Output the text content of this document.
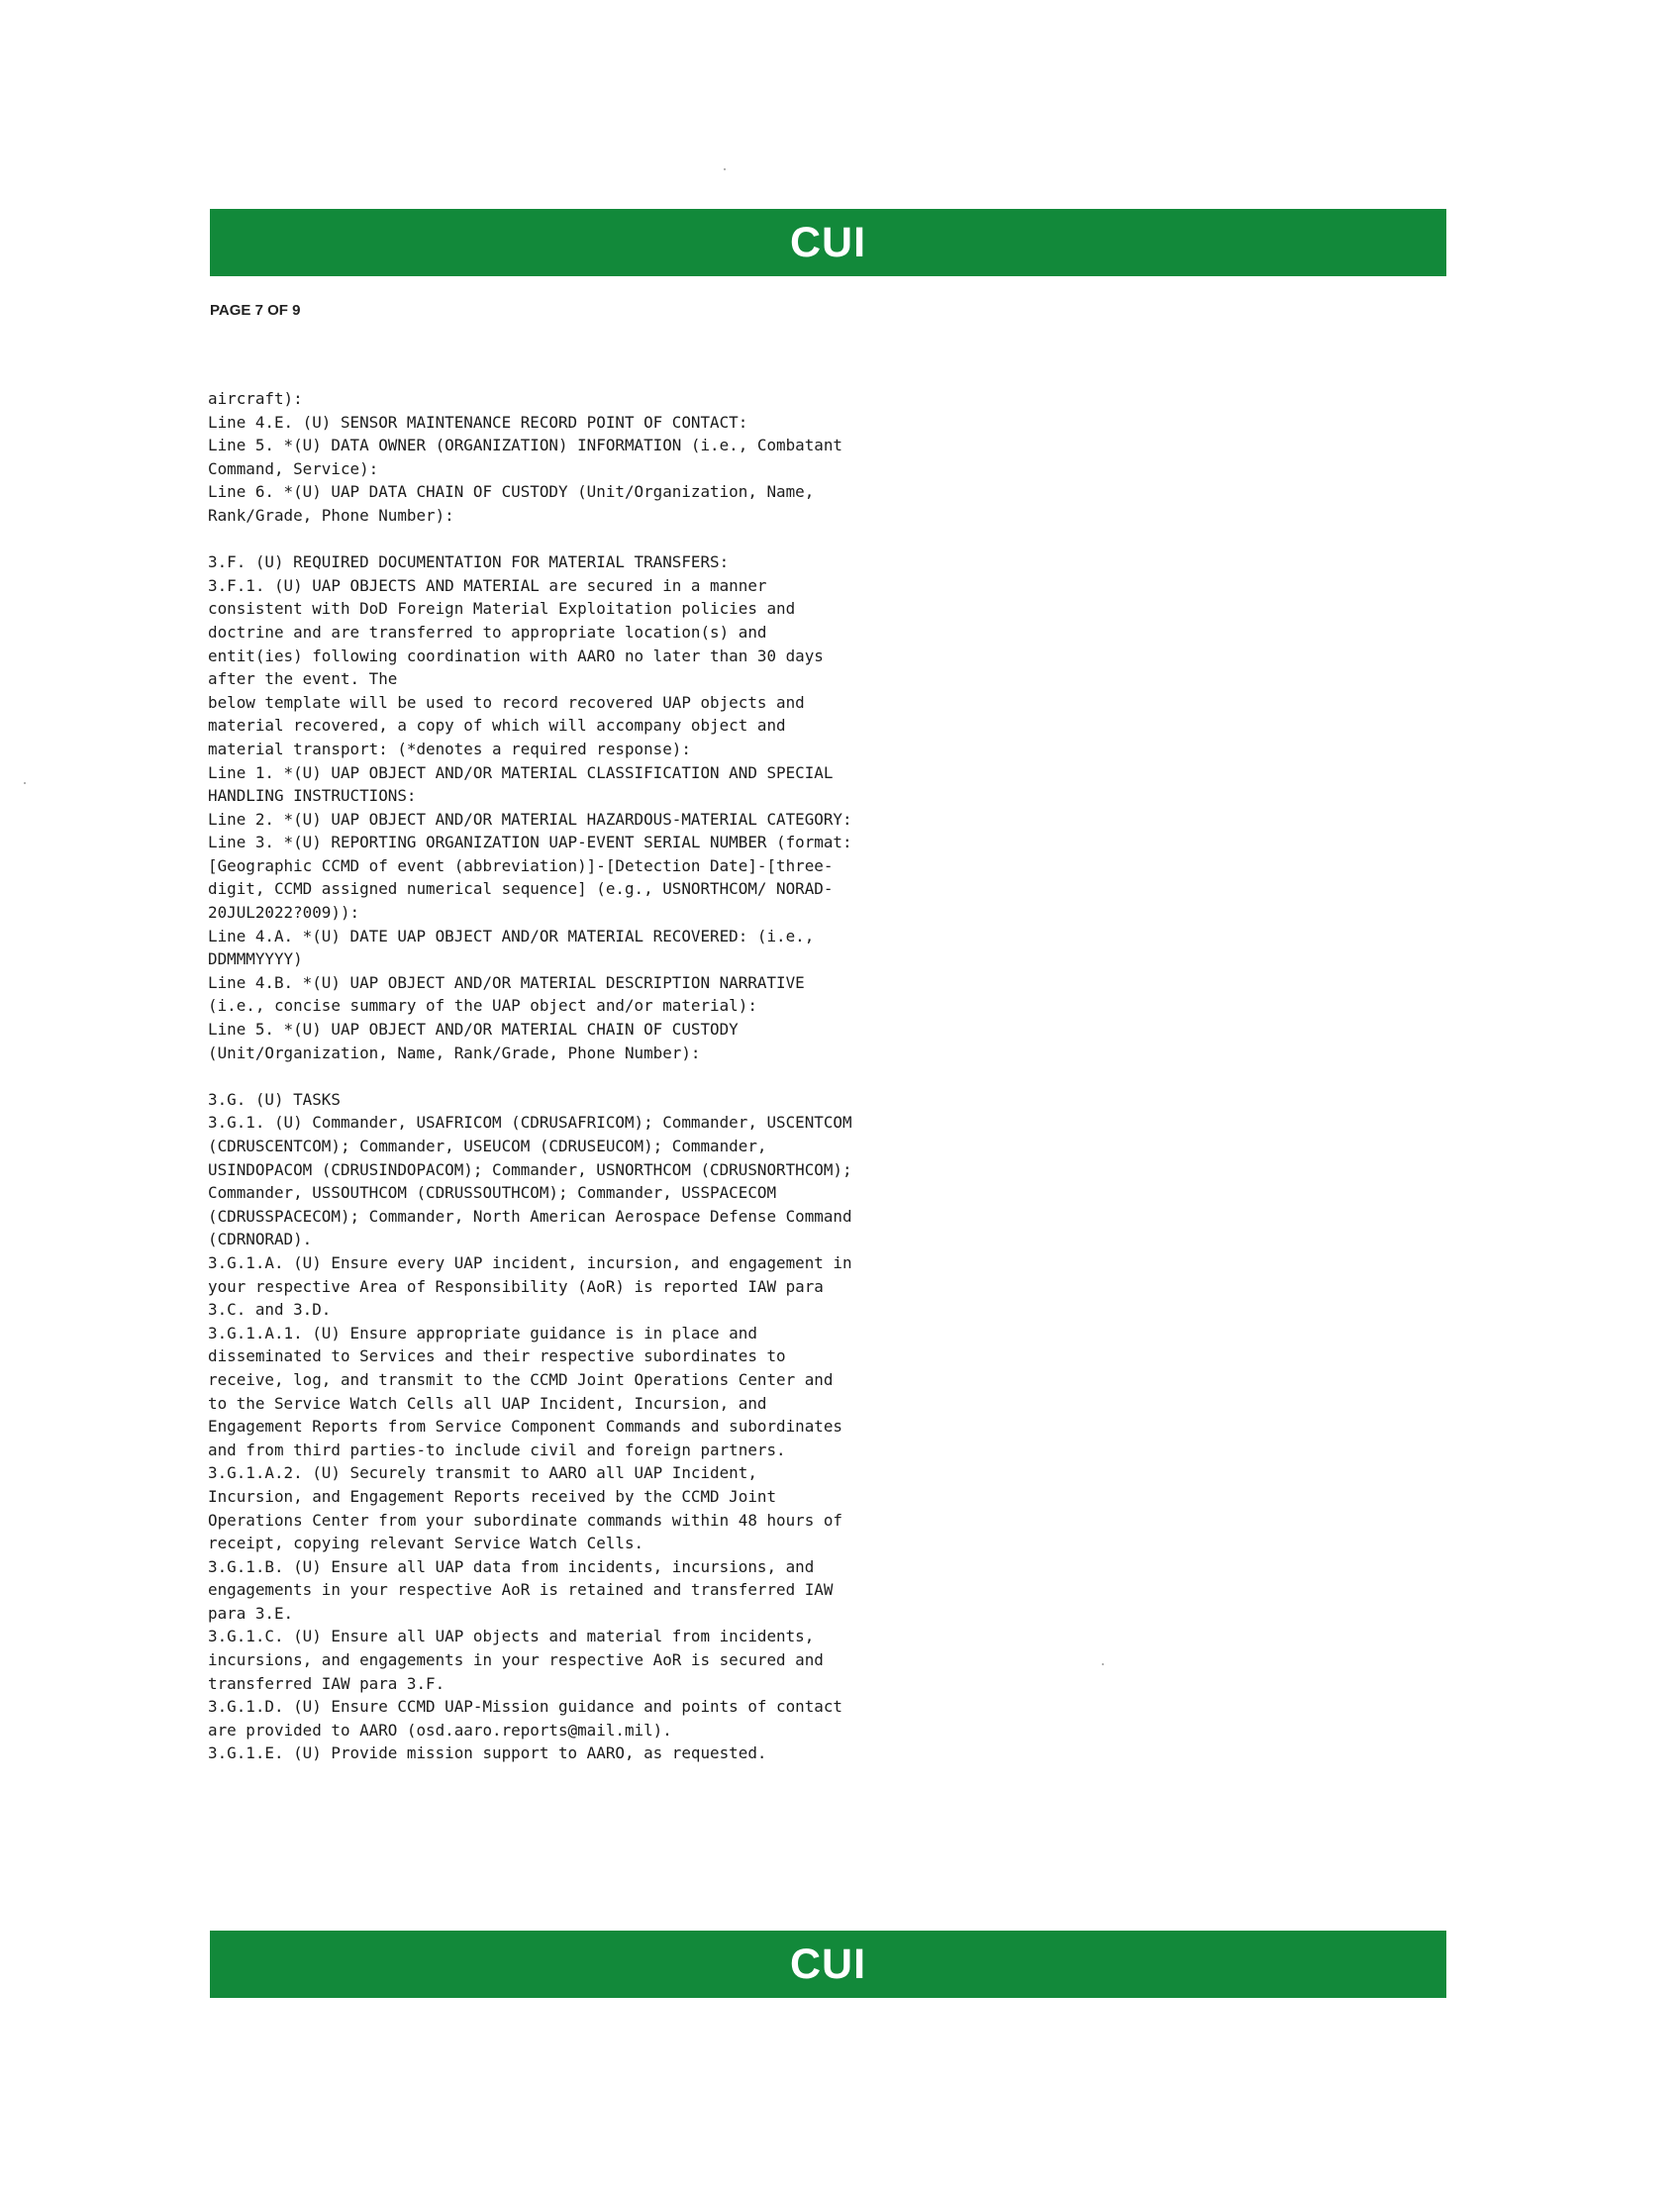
CUI
PAGE 7 OF 9
aircraft):
Line 4.E. (U) SENSOR MAINTENANCE RECORD POINT OF CONTACT:
Line 5. *(U) DATA OWNER (ORGANIZATION) INFORMATION (i.e., Combatant
Command, Service):
Line 6. *(U) UAP DATA CHAIN OF CUSTODY (Unit/Organization, Name,
Rank/Grade, Phone Number):

3.F. (U) REQUIRED DOCUMENTATION FOR MATERIAL TRANSFERS:
3.F.1. (U) UAP OBJECTS AND MATERIAL are secured in a manner
consistent with DoD Foreign Material Exploitation policies and
doctrine and are transferred to appropriate location(s) and
entit(ies) following coordination with AARO no later than 30 days
after the event. The
below template will be used to record recovered UAP objects and
material recovered, a copy of which will accompany object and
material transport: (*denotes a required response):
Line 1. *(U) UAP OBJECT AND/OR MATERIAL CLASSIFICATION AND SPECIAL
HANDLING INSTRUCTIONS:
Line 2. *(U) UAP OBJECT AND/OR MATERIAL HAZARDOUS-MATERIAL CATEGORY:
Line 3. *(U) REPORTING ORGANIZATION UAP-EVENT SERIAL NUMBER (format:
[Geographic CCMD of event (abbreviation)]-[Detection Date]-[three-
digit, CCMD assigned numerical sequence] (e.g., USNORTHCOM/ NORAD-
20JUL2022?009)):
Line 4.A. *(U) DATE UAP OBJECT AND/OR MATERIAL RECOVERED: (i.e.,
DDMMMYYYY)
Line 4.B. *(U) UAP OBJECT AND/OR MATERIAL DESCRIPTION NARRATIVE
(i.e., concise summary of the UAP object and/or material):
Line 5. *(U) UAP OBJECT AND/OR MATERIAL CHAIN OF CUSTODY
(Unit/Organization, Name, Rank/Grade, Phone Number):

3.G. (U) TASKS
3.G.1. (U) Commander, USAFRICOM (CDRUSAFRICOM); Commander, USCENTCOM
(CDRUSCENTCOM); Commander, USEUCOM (CDRUSEUCOM); Commander,
USINDOPACOM (CDRUSINDOPACOM); Commander, USNORTHCOM (CDRUSNORTHCOM);
Commander, USSOUTHCOM (CDRUSSOUTHCOM); Commander, USSPACECOM
(CDRUSSPACECOM); Commander, North American Aerospace Defense Command
(CDRNORAD).
3.G.1.A. (U) Ensure every UAP incident, incursion, and engagement in
your respective Area of Responsibility (AoR) is reported IAW para
3.C. and 3.D.
3.G.1.A.1. (U) Ensure appropriate guidance is in place and
disseminated to Services and their respective subordinates to
receive, log, and transmit to the CCMD Joint Operations Center and
to the Service Watch Cells all UAP Incident, Incursion, and
Engagement Reports from Service Component Commands and subordinates
and from third parties-to include civil and foreign partners.
3.G.1.A.2. (U) Securely transmit to AARO all UAP Incident,
Incursion, and Engagement Reports received by the CCMD Joint
Operations Center from your subordinate commands within 48 hours of
receipt, copying relevant Service Watch Cells.
3.G.1.B. (U) Ensure all UAP data from incidents, incursions, and
engagements in your respective AoR is retained and transferred IAW
para 3.E.
3.G.1.C. (U) Ensure all UAP objects and material from incidents,
incursions, and engagements in your respective AoR is secured and
transferred IAW para 3.F.
3.G.1.D. (U) Ensure CCMD UAP-Mission guidance and points of contact
are provided to AARO (osd.aaro.reports@mail.mil).
3.G.1.E. (U) Provide mission support to AARO, as requested.
CUI
